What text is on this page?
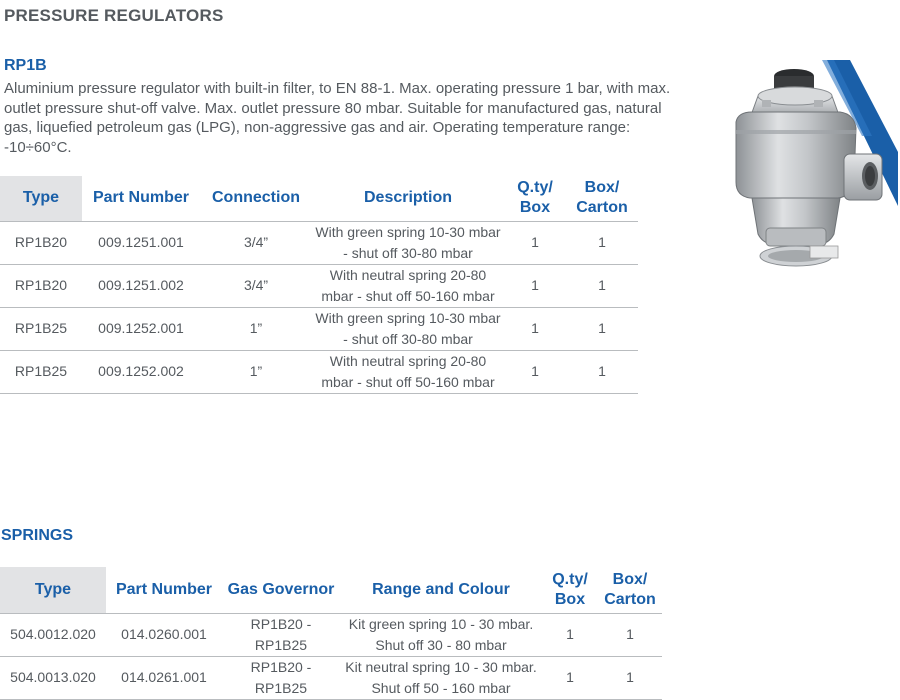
PRESSURE REGULATORS
RP1B
Aluminium pressure regulator with built-in filter, to EN 88-1. Max. operating pressure 1 bar, with max. outlet pressure shut-off valve. Max. outlet pressure 80 mbar. Suitable for manufactured gas, natural gas, liquefied petroleum gas (LPG), non-aggressive gas and air. Operating temperature range: -10÷60°C.
Type	Part Number	Connection	Description	Q.ty/ Box	Box/ Carton
RP1B20	009.1251.001	3/4”	With green spring 10-30 mbar - shut off 30-80 mbar	1	1
RP1B20	009.1251.002	3/4”	With neutral spring 20-80 mbar - shut off 50-160 mbar	1	1
RP1B25	009.1252.001	1”	With green spring 10-30 mbar - shut off 30-80 mbar	1	1
RP1B25	009.1252.002	1”	With neutral spring 20-80 mbar - shut off 50-160 mbar	1	1
SPRINGS
Type	Part Number	Gas Governor	Range and Colour	Q.ty/ Box	Box/ Carton
504.0012.020	014.0260.001	RP1B20 - RP1B25	Kit green spring 10 - 30 mbar. Shut off 30 - 80 mbar	1	1
504.0013.020	014.0261.001	RP1B20 - RP1B25	Kit neutral spring 10 - 30 mbar. Shut off 50 - 160 mbar	1	1
